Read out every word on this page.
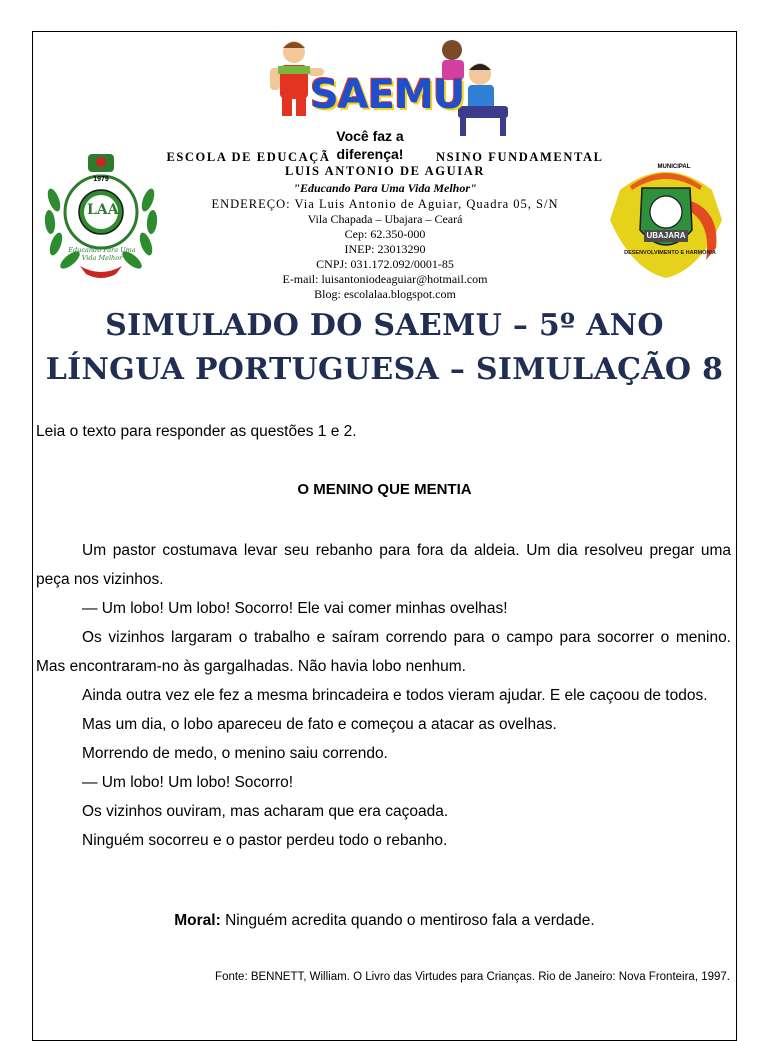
SAEMU
Você faz a
diferença!
ESCOLA DE EDUCAÇÃ	NSINO FUNDAMENTAL
LUIS ANTONIO DE AGUIAR
"Educando Para Uma Vida Melhor"
ENDEREÇO: Via Luis Antonio de Aguiar, Quadra 05, S/N
Vila Chapada – Ubajara – Ceará
Cep: 62.350-000
INEP: 23013290
CNPJ: 031.172.092/0001-85
E-mail: luisantoniodeaguiar@hotmail.com
Blog: escolalaa.blogspot.com
LAA
1979
Educando Para Uma Vida Melhor
MUNICIPAL
UBAJARA
DESENVOLVIMENTO E HARMONIA
SIMULADO DO SAEMU – 5º ANO
LÍNGUA PORTUGUESA – SIMULAÇÃO 8
Leia o texto para responder as questões 1 e 2.
O MENINO QUE MENTIA

Um pastor costumava levar seu rebanho para fora da aldeia. Um dia resolveu pregar uma peça nos vizinhos.

— Um lobo! Um lobo! Socorro! Ele vai comer minhas ovelhas!

Os vizinhos largaram o trabalho e saíram correndo para o campo para socorrer o menino. Mas encontraram-no às gargalhadas. Não havia lobo nenhum.

Ainda outra vez ele fez a mesma brincadeira e todos vieram ajudar. E ele caçoou de todos.

Mas um dia, o lobo apareceu de fato e começou a atacar as ovelhas.

Morrendo de medo, o menino saiu correndo.

— Um lobo! Um lobo! Socorro!

Os vizinhos ouviram, mas acharam que era caçoada.

Ninguém socorreu e o pastor perdeu todo o rebanho.

Moral: Ninguém acredita quando o mentiroso fala a verdade.
Fonte: BENNETT, William. O Livro das Virtudes para Crianças. Rio de Janeiro: Nova Fronteira, 1997.
